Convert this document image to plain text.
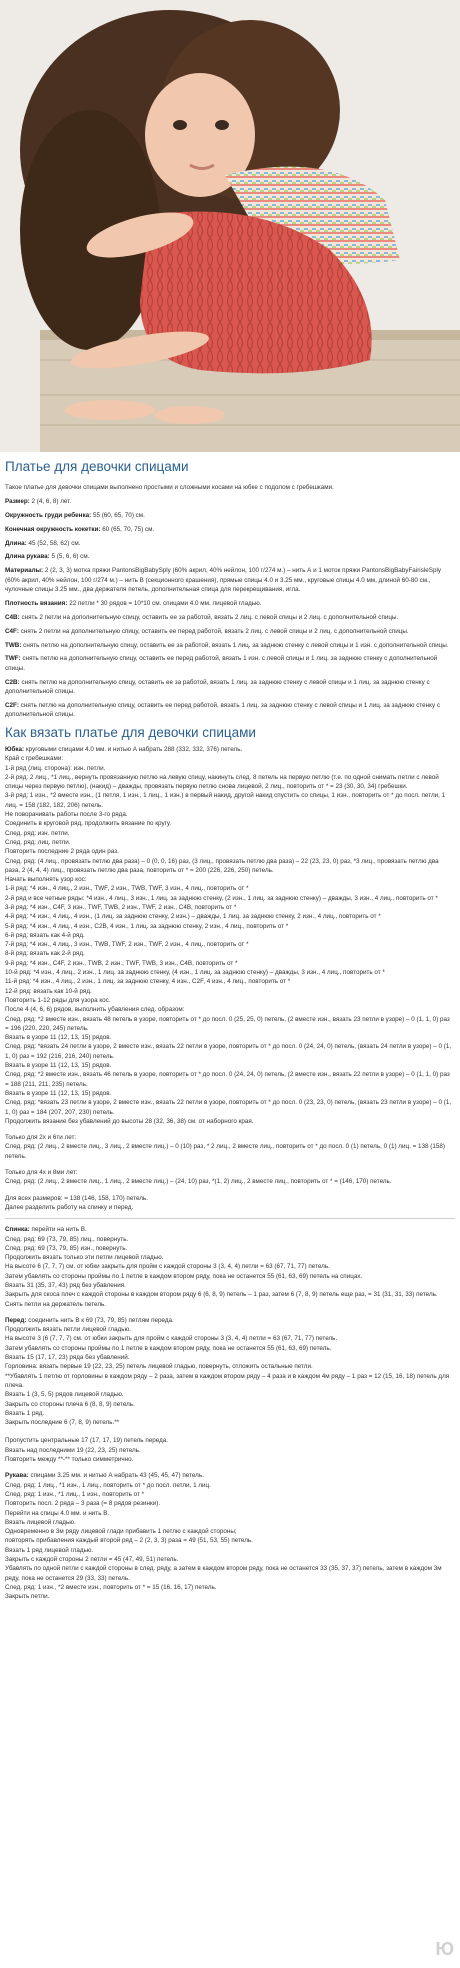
Платье для девочки спицами

Такое платье для девочки спицами выполнено простыми и сложными косами на юбке с подолом с гребешками.

Размер: 2 (4, 6, 8) лет.

Окружность груди ребенка: 55 (60, 65, 70) см.

Конечная окружность кокетки: 60 (65, 70, 75) см.

Длина: 45 (52, 58, 62) см.

Длина рукава: 5 (5, 6, 6) см.

Материалы: 2 (2, 3, 3) мотка пряжи PantonsBigBabySply (60% акрил, 40% нейлон, 100 г/274 м.) – нить А и 1 моток пряжи PantonsBigBabyFairisleSply (60% акрил, 40% нейлон, 100 г/274 м.) – нить B (секционного крашения), прямые спицы 4.0 и 3.25 мм., круговые спицы 4.0 мм, длиной 60-80 см., чулочные спицы 3.25 мм., два держателя петель, дополнительная спица для перекрещивания, игла.

Плотность вязания: 22 петли * 30 рядов = 10*10 см. спицами 4.0 мм. лицевой гладью.

C4B: снять 2 петли на дополнительную спицу, оставить ее за работой, вязать 2 лиц. с левой спицы и 2 лиц. с дополнительной спицы.

C4F: снять 2 петли на дополнительную спицу, оставить ее перед работой, вязать 2 лиц. с левой спицы и 2 лиц. с дополнительной спицы.

TWB: снять петлю на дополнительную спицу, оставить ее за работой, вязать 1 лиц. за заднюю стенку с левой спицы и 1 изн. с дополнительной спицы.

TWF: снять петлю на дополнительную спицу, оставить ее перед работой, вязать 1 изн. с левой спицы и 1 лиц. за заднюю стенку с дополнительной спицы.

C2B: снять петлю на дополнительную спицу, оставить ее за работой, вязать 1 лиц. за заднюю стенку с левой спицы и 1 лиц. за заднюю стенку с дополнительной спицы.

C2F: снять петлю на дополнительную спицу, оставить ее перед работой, вязать 1 лиц. за заднюю стенку с левой спицы и 1 лиц. за заднюю стенку с дополнительной спицы.

Как вязать платье для девочки спицами

Юбка: круговыми спицами 4.0 мм. и нитью А набрать 288 (332, 332, 376) петель.

Край с гребешками:

1-й ряд (лиц. сторона): изн. петли.

2-й ряд: 2 лиц., *1 лиц., вернуть провязанную петлю на левую спицу, накинуть след. 8 петель на первую петлю (т.е. по одной снимать петли с левой спицы через первую петлю), (накид) – дважды, провязать первую петлю снова лицевой, 2 лиц., повторить от * = 23 (30, 30, 34) гребешки.

3-й ряд: 1 изн., *2 вместе изн., (1 петля, 1 изн., 1 лиц., 1 изн.) в первый накид, другой накид спустить со спицы, 1 изн., повторить от * до посл. петли, 1 лиц. = 158 (182, 182, 206) петель.

Не поворачивать работы после 3-го ряда.

Соединить в круговой ряд, продолжить вязание по кругу.

След. ряд: изн. петли.

След. ряд: лиц. петли.

Повторить последние 2 ряда один раз.

След. ряд: (4 лиц., провязать петлю два раза) – 0 (0, 0, 16) раз, (3 лиц., провязать петлю два раза) – 22 (23, 23, 0) раз, *3 лиц., провязать петлю два раза, 2 (4, 4, 4) лиц., провязать петлю два раза, повторить от * = 200 (226, 226, 250) петель.

Начать выполнять узор кос:

1-й ряд: *4 изн., 4 лиц., 2 изн., TWF, 2 изн., TWB, TWF, 3 изн., 4 лиц., повторить от *

2-й ряд и все четные ряды: *4 изн., 4 лиц., 3 изн., 1 лиц. за заднюю стенку, (2 изн., 1 лиц. за заднюю стенку) – дважды, 3 изн., 4 лиц., повторить от *

3-й ряд: *4 изн., C4F, 3 изн., TWF, TWB, 2 изн., TWF, 2 изн., C4B, повторить от *

4-й ряд: *4 изн., 4 лиц., 4 изн., (1 лиц. за заднюю стенку, 2 изн.) – дважды, 1 лиц. за заднюю стенку, 2 изн., 4 лиц., повторить от *

5-й ряд: *4 изн., 4 лиц., 4 изн., C2B, 4 изн., 1 лиц. за заднюю стенку, 2 изн., 4 лиц., повторить от *

6-й ряд: вязать как 4-й ряд.

7-й ряд: *4 изн., 4 лиц., 3 изн., TWB, TWF, 2 изн., TWF, 2 изн., 4 лиц., повторить от *

8-й ряд: вязать как 2-й ряд.

9-й ряд: *4 изн., C4F, 2 изн., TWB, 2 изн., TWF, TWB, 3 изн., C4B, повторить от *

10-й ряд: *4 изн., 4 лиц., 2 изн., 1 лиц. за заднюю стенку, (4 изн., 1 лиц. за заднюю стенку) – дважды, 3 изн., 4 лиц., повторить от *

11-й ряд: *4 изн., 4 лиц., 2 изн., 1 лиц. за заднюю стенку, 4 изн., C2F, 4 изн., 4 лиц., повторить от *

12-й ряд: вязать как 10-й ряд.

Повторить 1-12 ряды для узора кос.

После 4 (4, 6, 6) рядов, выполнить убавления след. образом:

След. ряд: *2 вместе изн., вязать 48 петель в узоре, повторить от * до посл. 0 (25, 25, 0) петель, (2 вместе изн., вязать 23 петли в узоре) – 0 (1, 1, 0) раз = 196 (220, 220, 245) петель.

Вязать в узоре 11 (12, 13, 15) рядов.

След. ряд: *вязать 24 петли в узоре, 2 вместе изн., вязать 22 петли в узоре, повторить от * до посл. 0 (24, 24, 0) петель, (вязать 24 петли в узоре) – 0 (1, 1, 0) раз = 192 (216, 216, 240) петель.

Вязать в узоре 11 (12, 13, 15) рядов.

След. ряд: *2 вместе изн., вязать 46 петель в узоре, повторить от * до посл. 0 (24, 24, 0) петель, (2 вместе изн., вязать 22 петли в узоре) – 0 (1, 1, 0) раз = 188 (211, 211, 235) петель.

Вязать в узоре 11 (12, 13, 15) рядов.

След. ряд: *вязать 23 петли в узоре, 2 вместе изн., вязать 22 петли в узоре, повторить от * до посл. 0 (23, 23, 0) петель, (вязать 23 петли в узоре) – 0 (1, 1, 0) раз = 184 (207, 207, 230) петель.

Продолжить вязание без убавлений до высоты 28 (32, 36, 38) см. от наборного края.

Только для 2х и 6ти лет:

След. ряд: (2 лиц., 2 вместе лиц., 3 лиц., 2 вместе лиц.) – 0 (10) раз, * 2 лиц., 2 вместе лиц., повторить от * до посл. 0 (1) петель, 0 (1) лиц. = 138 (158) петель.

Только для 4х и 8ми лет:

След. ряд: (2 лиц., 2 вместе лиц., 1 лиц., 2 вместе лиц.) – (24, 10) раз, *(1, 2) лиц., 2 вместе лиц., повторить от * = (146, 170) петель.

Для всех размеров: = 138 (146, 158, 170) петель.

Далее разделить работу на спинку и перед.

Спинка: перейти на нить B.

След. ряд: 69 (73, 79, 85) лиц., повернуть.

След. ряд: 69 (73, 79, 85) изн., повернуть.

Продолжить вязать только эти петли лицевой гладью.

На высоте 6 (7, 7, 7) см. от юбки закрыть для пройм с каждой стороны 3 (3, 4, 4) петли = 63 (67, 71, 77) петель.

Затем убавлять со стороны проймы по 1 петле в каждом втором ряду, пока не останется 55 (61, 63, 69) петель на спицах.

Вязать 31 (35, 37, 43) ряд без убавления.

Закрыть для скоса плеч с каждой стороны в каждом втором ряду 6 (6, 8, 9) петель – 1 раз, затем 6 (7, 8, 9) петель еще раз, = 31 (31, 31, 33) петель.

Снять петли на держатель петель.

Перед: соединить нить B к 69 (73, 79, 85) петлям переда.

Продолжить вязать петли лицевой гладью.

На высоте 3 (6 (7, 7, 7) см. от юбки закрыть для пройм с каждой стороны 3 (3, 4, 4) петли = 63 (67, 71, 77) петель.

Затем убавлять со стороны проймы по 1 петле в каждом втором ряду, пока не останется 55 (61, 63, 69) петель.

Вязать 15 (17, 17, 23) ряда без убавлений.

Горловина: вязать первые 19 (22, 23, 25) петель лицевой гладью, повернуть, отложить остальные петли.

**Убавлять 1 петлю от горловины в каждом ряду – 2 раза, затем в каждом втором ряду – 4 раза и в каждом 4м ряду – 1 раз = 12 (15, 16, 18) петель для плеча.

Вязать 1 (3, 5, 5) рядов лицевой гладью.

Закрыть со стороны плеча 6 (8, 8, 9) петель.

Вязать 1 ряд.

Закрыть последние 6 (7, 8, 9) петель.**

Пропустить центральные 17 (17, 17, 19) петель переда.

Вязать над последними 19 (22, 23, 25) петель.

Повторить между **-** только симметрично.

Рукава: спицами 3.25 мм. и нитью А набрать 43 (45, 45, 47) петель.

След. ряд: 1 лиц., *1 изн., 1 лиц., повторить от * до посл. петли, 1 лиц.

След. ряд: 1 изн., *1 лиц., 1 изн., повторить от *

Повторить посл. 2 ряда – 3 раза (= 8 рядов резинки).

Перейти на спицы 4.0 мм. и нить B.

Вязать лицевой гладью.

Одновременно в 3м ряду лицевой глади прибавить 1 петлю с каждой стороны;

повторять прибавления каждый второй ряд – 2 (2, 3, 3) раза = 49 (51, 53, 55) петель.

Вязать 1 ряд лицевой гладью.

Закрыть с каждой стороны 2 петли = 45 (47, 49, 51) петель.

Убавлять по одной петли с каждой стороны в след. ряду, а затем в каждом втором ряду, пока не останется 33 (35, 37, 37) петель, затем в каждом 3м ряду, пока не останется 29 (33, 33) петель.

След. ряд: 1 изн., *2 вместе изн., повторить от * = 15 (16, 16, 17) петель.

Закрыть петли.

Ю
